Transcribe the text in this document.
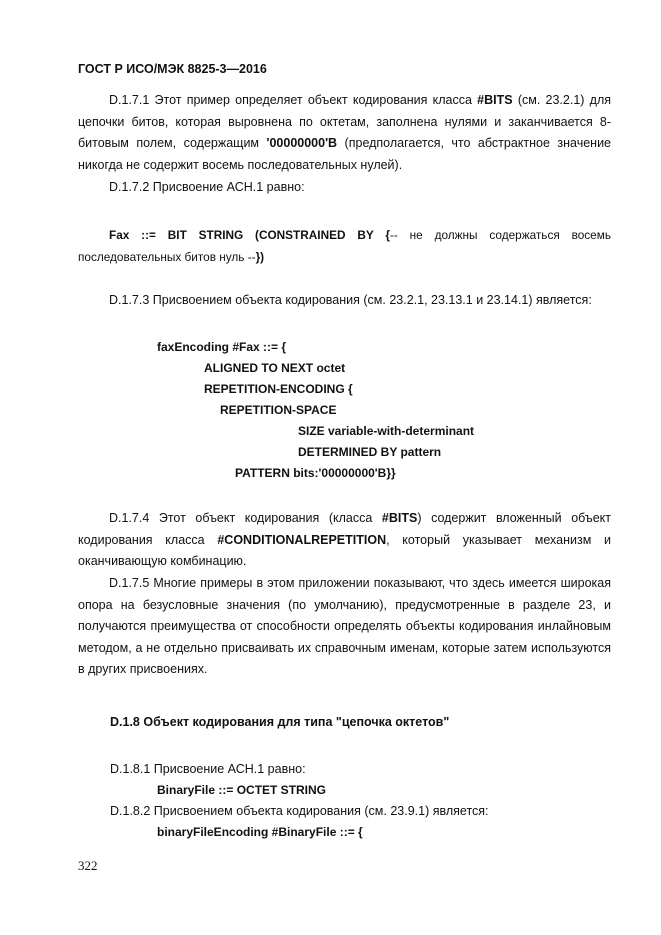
ГОСТ Р ИСО/МЭК 8825-3—2016

D.1.7.1 Этот пример определяет объект кодирования класса #BITS (см. 23.2.1) для цепочки битов, которая выровнена по октетам, заполнена нулями и заканчивается 8-битовым полем, содержащим '00000000'B (предполагается, что абстрактное значение никогда не содержит восемь последовательных нулей).

D.1.7.2 Присвоение АСН.1 равно:

Fax ::= BIT STRING (CONSTRAINED BY {-- не должны содержаться восемь последовательных битов нуль --})

D.1.7.3 Присвоением объекта кодирования (см. 23.2.1, 23.13.1 и 23.14.1) является:

faxEncoding #Fax ::= {
ALIGNED TO NEXT octet
REPETITION-ENCODING {
REPETITION-SPACE
SIZE variable-with-determinant
DETERMINED BY pattern
PATTERN bits:'00000000'B}}

D.1.7.4 Этот объект кодирования (класса #BITS) содержит вложенный объект кодирования класса #CONDITIONALREPETITION, который указывает механизм и оканчивающую комбинацию.

D.1.7.5 Многие примеры в этом приложении показывают, что здесь имеется широкая опора на безусловные значения (по умолчанию), предусмотренные в разделе 23, и получаются преимущества от способности определять объекты кодирования инлайновым методом, а не отдельно присваивать их справочным именам, которые затем используются в других присвоениях.

D.1.8 Объект кодирования для типа "цепочка октетов"
D.1.8.1 Присвоение АСН.1 равно:
BinaryFile ::= OCTET STRING
D.1.8.2 Присвоением объекта кодирования (см. 23.9.1) является:
binaryFileEncoding #BinaryFile ::= {
322
